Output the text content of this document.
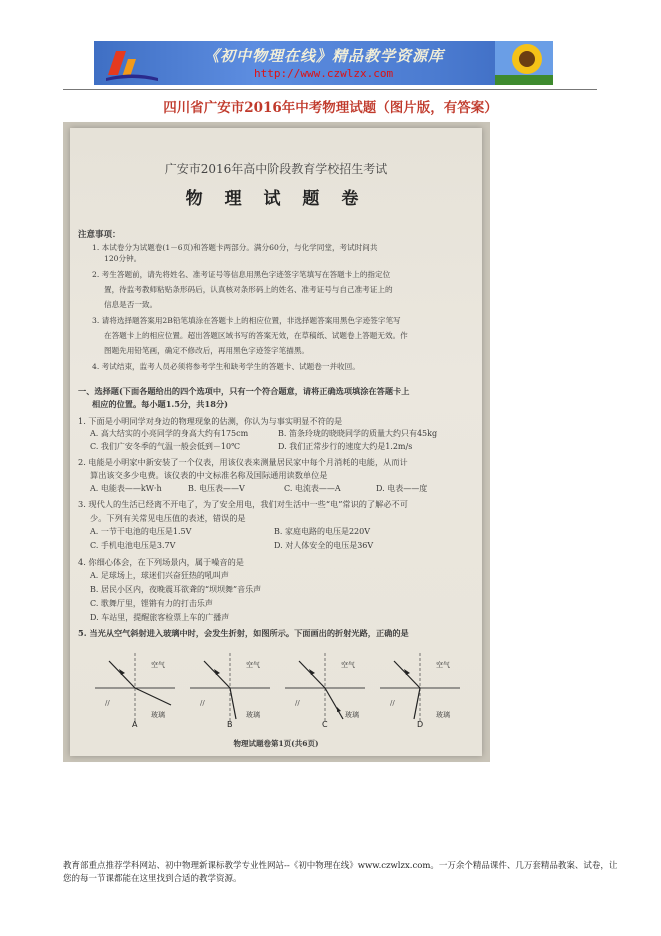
《初中物理在线》精品教学资源库
http://www.czwlzx.com
四川省广安市2016年中考物理试题（图片版，有答案）
广安市2016年高中阶段教育学校招生考试
物 理 试 题 卷
注意事项：
1. 本试卷分为试题卷(1－6页)和答题卡两部分。满分60分，与化学同堂，考试时间共
120分钟。
2. 考生答题前，请先将姓名、准考证号等信息用黑色字迹签字笔填写在答题卡上的指定位
置，待监考教师粘贴条形码后，认真核对条形码上的姓名、准考证号与自己准考证上的
信息是否一致。
3. 请将选择题答案用2B铅笔填涂在答题卡上的相应位置，非选择题答案用黑色字迹签字笔写
在答题卡上的相应位置。超出答题区域书写的答案无效，在草稿纸、试题卷上答题无效。作
图题先用铅笔画，确定不修改后，再用黑色字迹签字笔描黑。
4. 考试结束，监考人员必须将参考学生和缺考学生的答题卡、试题卷一并收回。
一、选择题(下面各题给出的四个选项中，只有一个符合题意，请将正确选项填涂在答题卡上
相应的位置。每小题1.5分，共18分)
1. 下面是小明同学对身边的物理现象的估测，你认为与事实明显不符的是
A. 高大结实的小亮同学的身高大约有175cm	B. 笛条玲珑的晓晓同学的质量大约只有45kg
C. 我们广安冬季的气温一般会低到－10℃	D. 我们正常步行的速度大约是1.2m/s
2. 电能是小明家中新安装了一个仪表，用该仪表来测量居民家中每个月消耗的电能，从而计
算出该交多少电费。该仪表的中文标准名称及国际通用读数单位是
A. 电能表——kW·h	B. 电压表——V	C. 电流表——A	D. 电表——度
3. 现代人的生活已经离不开电了，为了安全用电，我们对生活中一些“电”常识的了解必不可
少。下列有关常见电压值的表述，错误的是
A. 一节干电池的电压是1.5V	B. 家庭电路的电压是220V
C. 手机电池电压是3.7V	D. 对人体安全的电压是36V
4. 你细心体会，在下列场景内，属于噪音的是
A. 足球场上，球迷们兴奋狂热的吼叫声
B. 居民小区内，夜晚震耳欲聋的“坝坝舞”音乐声
C. 歌舞厅里，铿锵有力的打击乐声
D. 车站里，提醒旅客检票上车的广播声
5. 当光从空气斜射进入玻璃中时，会发生折射，如图所示。下面画出的折射光路，正确的是
空气
玻璃
//
A
空气
玻璃
//
B
空气
玻璃
//
C
空气
玻璃
//
D
物理试题卷第1页(共6页)
教育部重点推荐学科网站、初中物理新课标教学专业性网站--《初中物理在线》www.czwlzx.com。一万余个精品课件、几万套精品教案、试卷，让您的每一节课都能在这里找到合适的教学资源。
